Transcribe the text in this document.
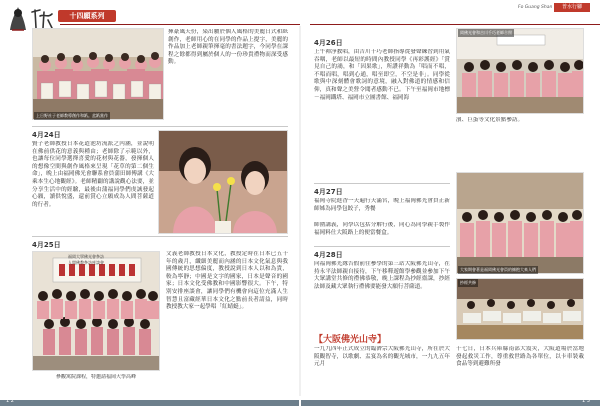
十四願系列
Fo Guang Shan	普水行腳
上日野社子老師教導創作和紙。盆紙賞作
揮豪風天份，染出屬於個人風格的美麗日式和紙創作，老師用心的在同學的作品上提字，美麗的作品加上老師親筆揮毫的書法題字，今同學在課程之餘都得到屬於個人的一份珍貴禮物而深受感動。
4月24日
賢子老師教授日本花道池坊流派之內涵，並說明在佛前供花的意義與種由；老師除了示範以外，也讓每位同學選擇喜愛的花材與花器，發揮個人的想像空間與創作風格來呈現「花草的第二個生命」，晚上由福岡佛光會聯系會員蒲田師傅講《大乘本生心地觀經》。老師精闢的講說觀心法要，並分享生活中的經驗，最後由蒲福同學們虔誠發起心願，讀供悅盛，還前賞心立願成為人間菩薩道的行者。
4月25日
福岡大學佛光會參訪
人間佛教參訪座談會
參觀寓院課程，特邀請福岡大學高峰
文義老師教授日本文化，教授定時在日本已五十年的歲月，纖細美麗而內涵的日本文化氣息與我國傳統的思想偏度，教授說到日本人以和為貴，較為寧靜；中國是文字的國家，日本是聲音的國家；日本文化受佛教和中國影響很大。下午，特別安排座談會，讓同學們有機會向這位充滿人生智慧且富藏經華日本文化之點前長者請益，同時教授教大家一起學唱「紅蜻蜓」。
4月26日
上午禪淨教唱，由吉川千巧老師指導從發聲練習到用氣吞咽，老師以最短的時間內教授同學《再彩護經》「賞見自己的鴻，和「因果歌」，所讚祥動為「唱而不唱，不唱而唱，唱到心通，唱至即空，不空是非」。同學從歌與中深刻體會歌詞的意境，融入對佛道的情感和信仰，真和聲之美營令聞者感動不已。下午至福岡市地標－福岡鐵塔、福岡市立圖書館、福岡海
濱、巨蛋等文化景點參訪。
岡佛光會和吉川千巧老師合照
4月27日
福岡寺院進香一天遍行天滿宮，晚上福岡佛光會員正新師姊為同學包餃子，秀餐
師圍講義，同學以包括分解行後，同心為同學親手製作福岡料仕大阪路上的便當餐盒。
大家期會著是福岡佛光會員的擁抱大來人們
4月28日
向福岡佛光緣告假前往參學的第三站大阪佛光山寺，在持永平法師親自接待，下午移釋遊館學參觀並參加下午大眾講堂共修的禮佛恭敬，晚上課程為抄經齋課，抄經法師及藏大眾執行禮佛要能發大願行菩薩道。
抄經共修
【大阪佛光山寺】
一九九四年正式成立的臨濟宗大阪佛光山寺，所在於大阪觀智寺，以歌劇、盂宴為名的觀光城市，一九九五年元月
十七日，日本兵庫縣南部大震災，大阪道場於當地發起救災工作，尊重救世路為各單位，以卡車裝載食品等到避難所發
1 2	1 3
